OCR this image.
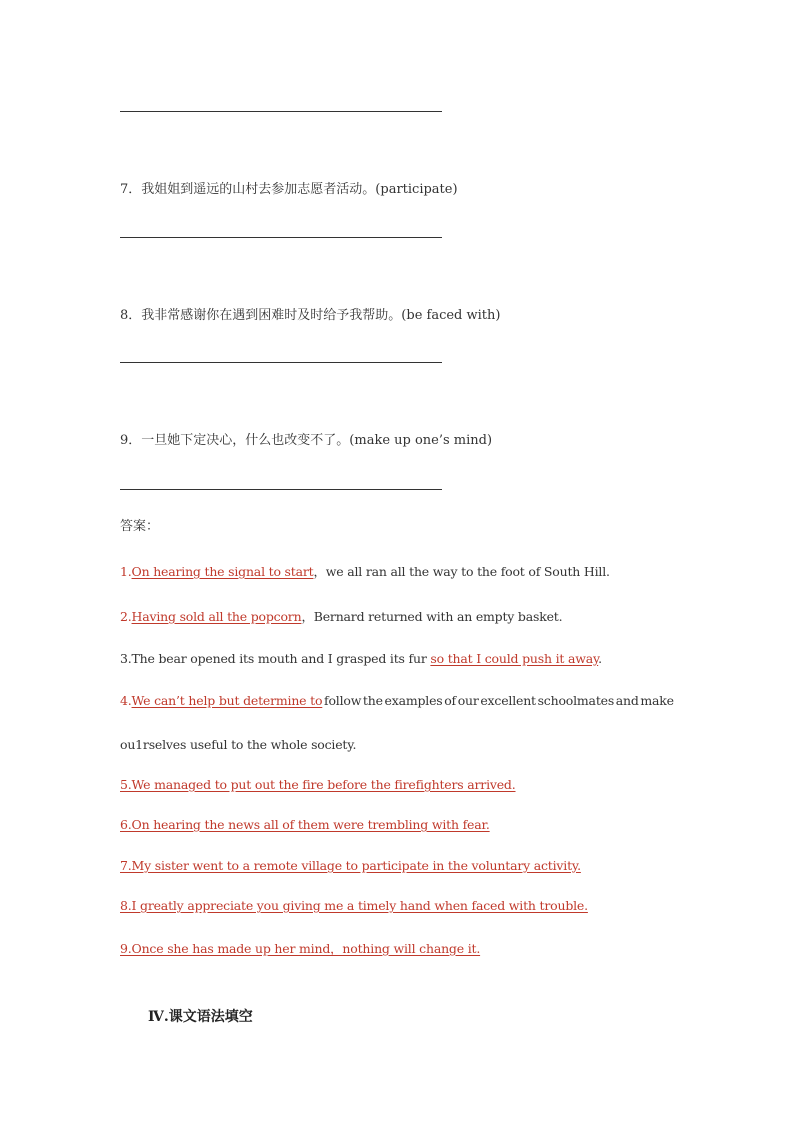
7．我姐姐到遥远的山村去参加志愿者活动。(participate)
8．我非常感谢你在遇到困难时及时给予我帮助。(be faced with)
9．一旦她下定决心，什么也改变不了。(make up one’s mind)
答案：
1.On hearing the signal to start，we all ran all the way to the foot of South Hill.
2.Having sold all the popcorn，Bernard returned with an empty basket.
3.The bear opened its mouth and I grasped its fur so that I could push it away.
4.We can’t help but determine to follow the examples of our excellent schoolmates and make
ou1rselves useful to the whole society.
5.We managed to put out the fire before the firefighters arrived.
6.On hearing the news all of them were trembling with fear.
7.My sister went to a remote village to participate in the voluntary activity.
8.I greatly appreciate you giving me a timely hand when faced with trouble.
9.Once she has made up her mind，nothing will change it.
Ⅳ.课文语法填空
